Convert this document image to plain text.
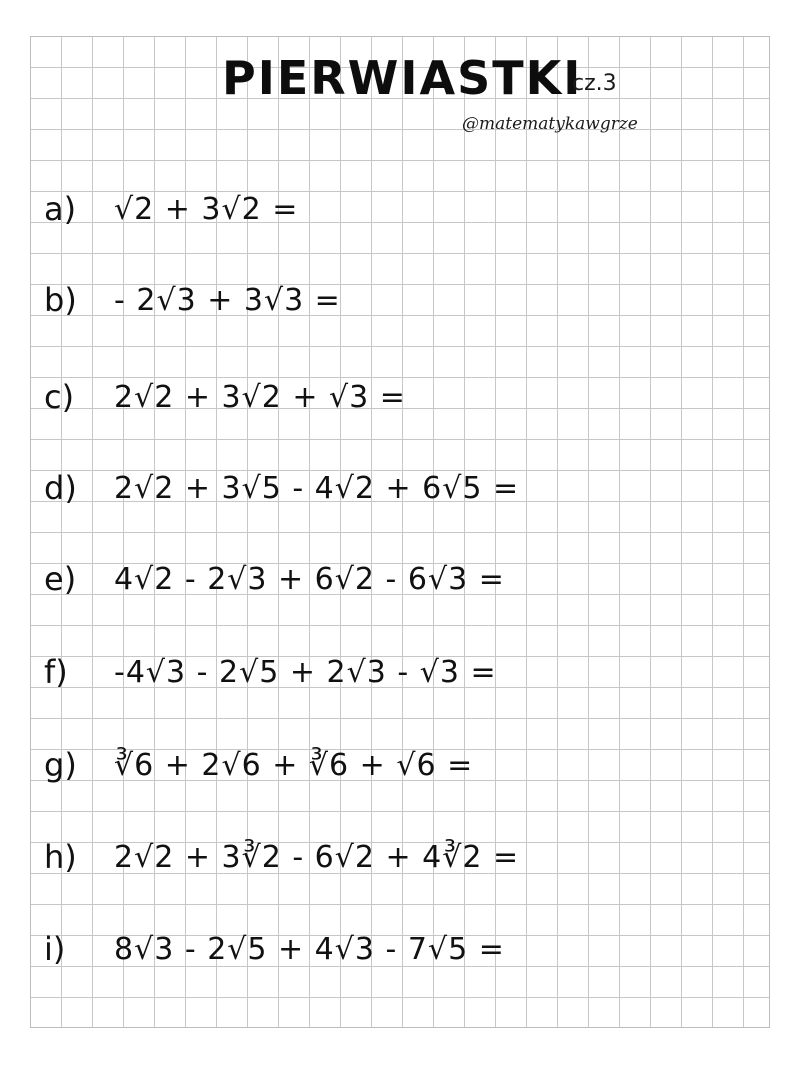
PIERWIASTKI
cz.3
@matematykawgrze
a)	√2 + 3√2 =
b)	- 2√3 + 3√3 =
c)	2√2 + 3√2 + √3 =
d)	2√2 + 3√5 - 4√2 + 6√5 =
e)	4√2 - 2√3 + 6√2 - 6√3 =
f)	-4√3 - 2√5 + 2√3 - √3 =
g)	∛6 + 2√6 + ∛6 + √6 =
h)	2√2 + 3∛2 - 6√2 + 4∛2 =
i)	8√3 - 2√5 + 4√3 - 7√5 =
